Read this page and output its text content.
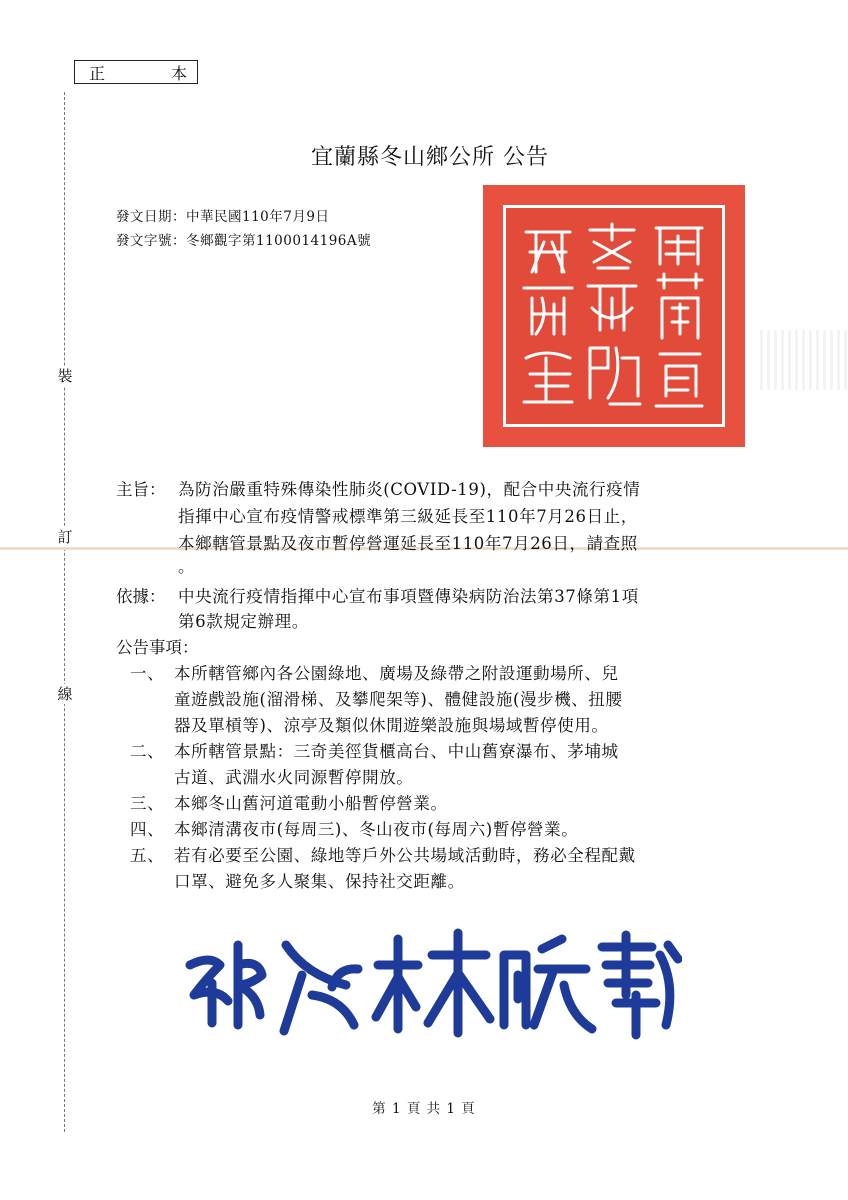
正	本
裝
訂
線
宜蘭縣冬山鄉公所 公告
發文日期：中華民國110年7月9日
發文字號：冬鄉觀字第1100014196A號
主旨： 為防治嚴重特殊傳染性肺炎(COVID-19)，配合中央流行疫情
指揮中心宣布疫情警戒標準第三級延長至110年7月26日止，
本鄉轄管景點及夜市暫停營運延長至110年7月26日，請查照
。
依據： 中央流行疫情指揮中心宣布事項暨傳染病防治法第37條第1項
第6款規定辦理。
公告事項：
一、 本所轄管鄉內各公園綠地、廣場及綠帶之附設運動場所、兒
童遊戲設施(溜滑梯、及攀爬架等)、體健設施(漫步機、扭腰
器及單槓等)、涼亭及類似休閒遊樂設施與場域暫停使用。
二、 本所轄管景點：三奇美徑貨櫃高台、中山舊寮瀑布、茅埔城
古道、武淵水火同源暫停開放。
三、 本鄉冬山舊河道電動小船暫停營業。
四、 本鄉清溝夜市(每周三)、冬山夜市(每周六)暫停營業。
五、 若有必要至公園、綠地等戶外公共場域活動時，務必全程配戴
口罩、避免多人聚集、保持社交距離。
第 1 頁 共 1 頁
